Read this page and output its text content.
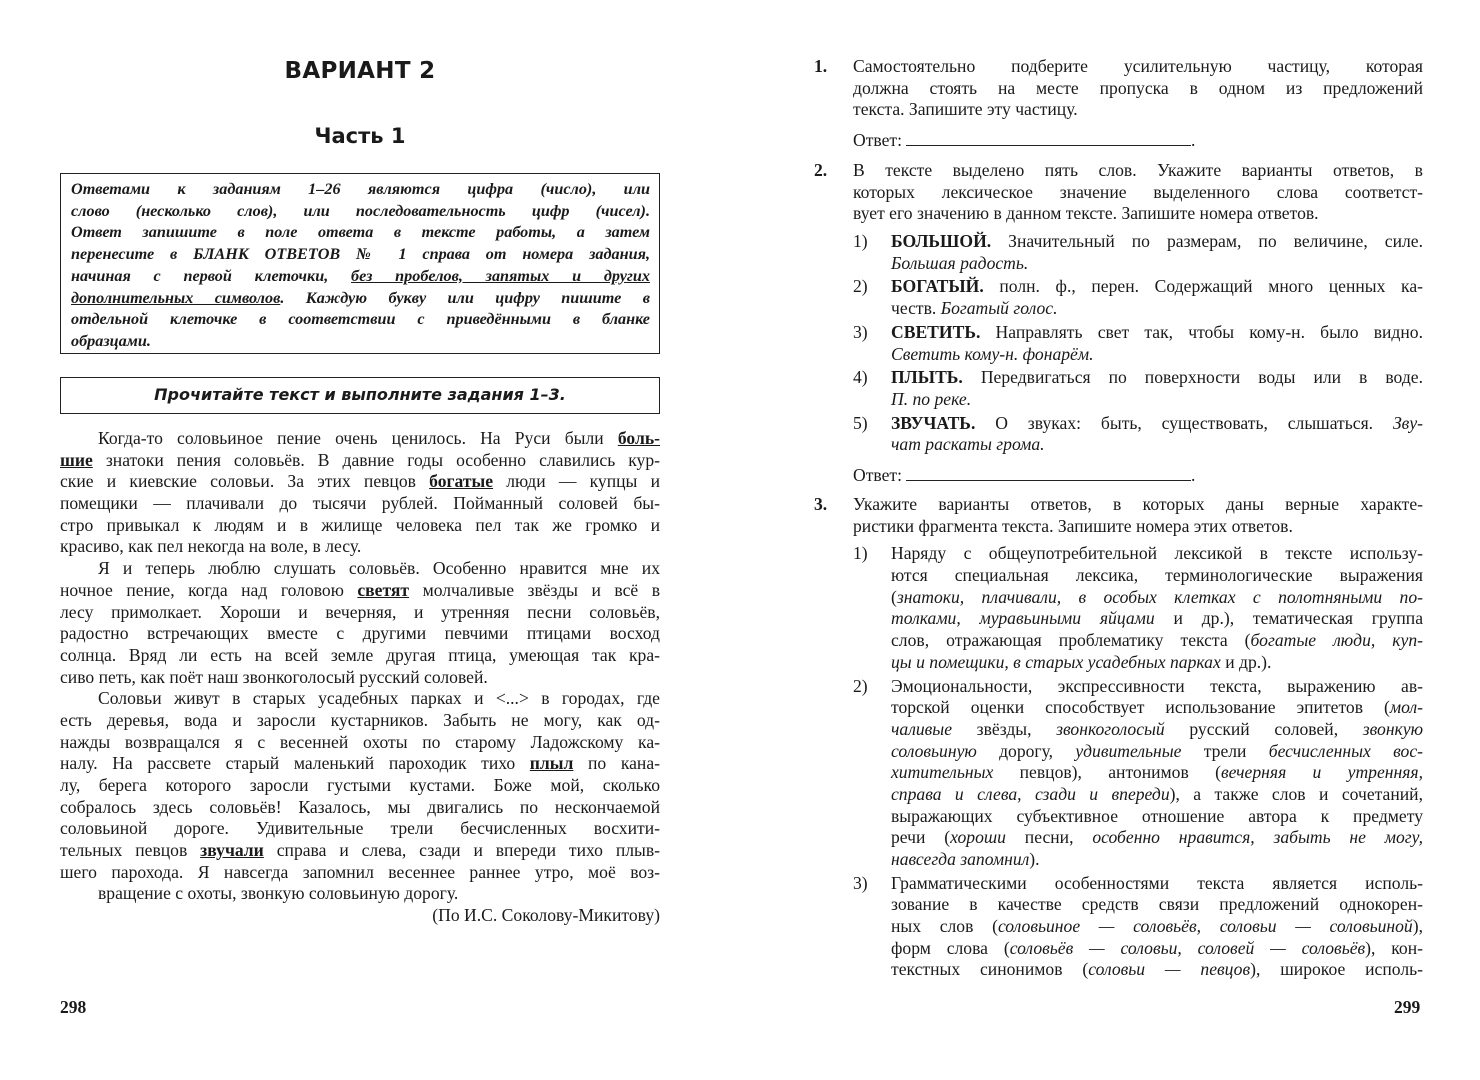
ВАРИАНТ 2
Часть 1
Ответами к заданиям 1–26 являются цифра (число), или
слово (несколько слов), или последовательность цифр (чисел).
Ответ запишите в поле ответа в тексте работы, а затем
перенесите в БЛАНК ОТВЕТОВ № 1 справа от номера задания,
начиная с первой клеточки, без пробелов, запятых и других
дополнительных символов. Каждую букву или цифру пишите в
отдельной клеточке в соответствии с приведёнными в бланке
образцами.
Прочитайте текст и выполните задания 1–3.
Когда-то соловьиное пение очень ценилось. На Руси были боль-
шие знатоки пения соловьёв. В давние годы особенно славились кур-
ские и киевские соловьи. За этих певцов богатые люди — купцы и
помещики — плачивали до тысячи рублей. Пойманный соловей бы-
стро привыкал к людям и в жилище человека пел так же громко и
красиво, как пел некогда на воле, в лесу.
Я и теперь люблю слушать соловьёв. Особенно нравится мне их
ночное пение, когда над головою светят молчаливые звёзды и всё в
лесу примолкает. Хороши и вечерняя, и утренняя песни соловьёв,
радостно встречающих вместе с другими певчими птицами восход
солнца. Вряд ли есть на всей земле другая птица, умеющая так кра-
сиво петь, как поёт наш звонкоголосый русский соловей.
Соловьи живут в старых усадебных парках и <...> в городах, где
есть деревья, вода и заросли кустарников. Забыть не могу, как од-
нажды возвращался я с весенней охоты по старому Ладожскому ка-
налу. На рассвете старый маленький пароходик тихо плыл по кана-
лу, берега которого заросли густыми кустами. Боже мой, сколько
собралось здесь соловьёв! Казалось, мы двигались по нескончаемой
соловьиной дороге. Удивительные трели бесчисленных восхити-
тельных певцов звучали справа и слева, сзади и впереди тихо плыв-
шего парохода. Я навсегда запомнил весеннее раннее утро, моё воз-
вращение с охоты, звонкую соловьиную дорогу.
(По И.С. Соколову-Микитову)
298
1. Самостоятельно подберите усилительную частицу, которая
должна стоять на месте пропуска в одном из предложений
текста. Запишите эту частицу.
Ответ:	.
2. В тексте выделено пять слов. Укажите варианты ответов, в
которых лексическое значение выделенного слова соответст-
вует его значению в данном тексте. Запишите номера ответов.
1) БОЛЬШОЙ. Значительный по размерам, по величине, силе.
Большая радость.
2) БОГАТЫЙ. полн. ф., перен. Содержащий много ценных ка-
честв. Богатый голос.
3) СВЕТИТЬ. Направлять свет так, чтобы кому-н. было видно.
Светить кому-н. фонарём.
4) ПЛЫТЬ. Передвигаться по поверхности воды или в воде.
П. по реке.
5) ЗВУЧАТЬ. О звуках: быть, существовать, слышаться. Зву-
чат раскаты грома.
Ответ:	.
3. Укажите варианты ответов, в которых даны верные характе-
ристики фрагмента текста. Запишите номера этих ответов.
1) Наряду с общеупотребительной лексикой в тексте использу-
ются специальная лексика, терминологические выражения
(знатоки, плачивали, в особых клетках с полотняными по-
толками, муравьиными яйцами и др.), тематическая группа
слов, отражающая проблематику текста (богатые люди, куп-
цы и помещики, в старых усадебных парках и др.).
2) Эмоциональности, экспрессивности текста, выражению ав-
торской оценки способствует использование эпитетов (мол-
чаливые звёзды, звонкоголосый русский соловей, звонкую
соловьиную дорогу, удивительные трели бесчисленных вос-
хитительных певцов), антонимов (вечерняя и утренняя,
справа и слева, сзади и впереди), а также слов и сочетаний,
выражающих субъективное отношение автора к предмету
речи (хороши песни, особенно нравится, забыть не могу,
навсегда запомнил).
3) Грамматическими особенностями текста является исполь-
зование в качестве средств связи предложений однокорен-
ных слов (соловьиное — соловьёв, соловьи — соловьиной),
форм слова (соловьёв — соловьи, соловей — соловьёв), кон-
текстных синонимов (соловьи — певцов), широкое исполь-
299
